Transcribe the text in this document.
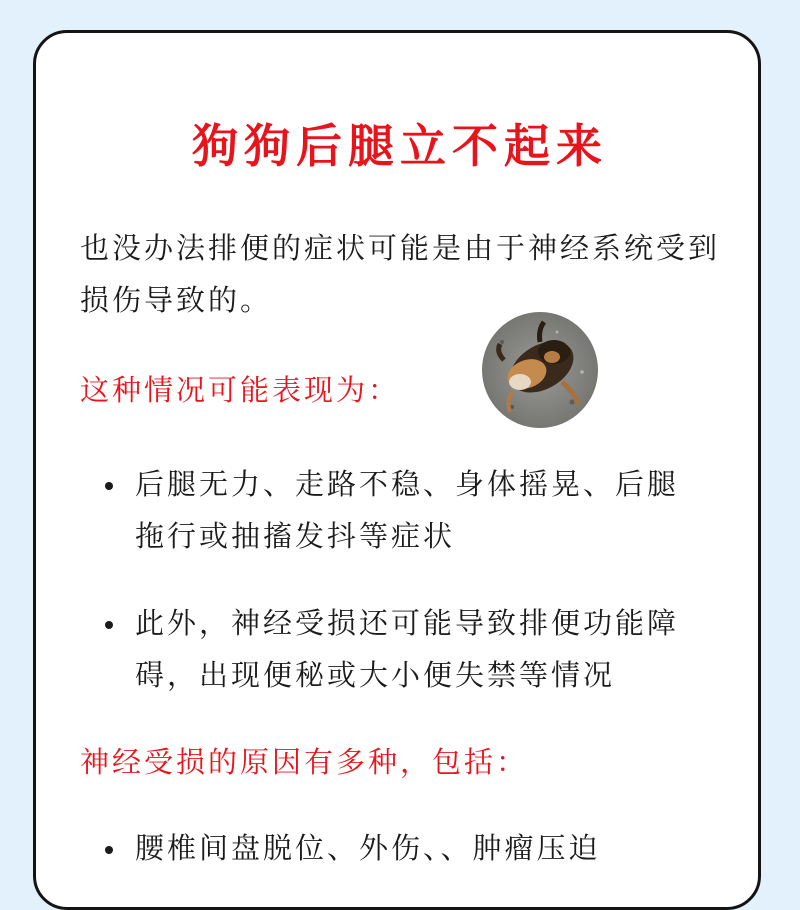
狗狗后腿立不起来

也没办法排便的症状可能是由于神经系统受到损伤导致的。

这种情况可能表现为：
后腿无力、走路不稳、身体摇晃、后腿拖行或抽搐发抖等症状
此外，神经受损还可能导致排便功能障碍，出现便秘或大小便失禁等情况
神经受损的原因有多种，包括：
腰椎间盘脱位、外伤、、肿瘤压迫
